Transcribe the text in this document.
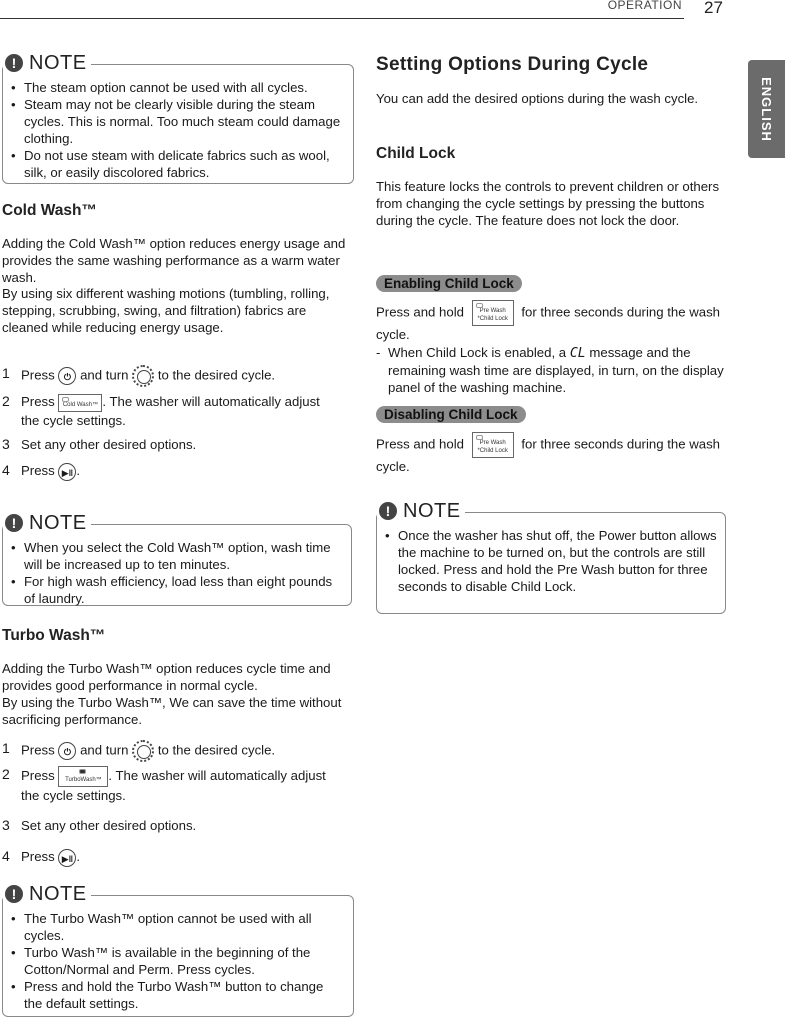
OPERATION 27
ENGLISH
! NOTE
• The steam option cannot be used with all cycles.
• Steam may not be clearly visible during the steam cycles. This is normal. Too much steam could damage clothing.
• Do not use steam with delicate fabrics such as wool, silk, or easily discolored fabrics.
Cold Wash™
Adding the Cold Wash™ option reduces energy usage and provides the same washing performance as a warm water wash.
By using six different washing motions (tumbling, rolling, stepping, scrubbing, swing, and filtration) fabrics are cleaned while reducing energy usage.
1 Press ⏻ and turn to the desired cycle.
2 Press Cold Wash™ . The washer will automatically adjust the cycle settings.
3 Set any other desired options.
4 Press ▶‖ .
! NOTE
• When you select the Cold Wash™ option, wash time will be increased up to ten minutes.
• For high wash efficiency, load less than eight pounds of laundry.
Turbo Wash™
Adding the Turbo Wash™ option reduces cycle time and provides good performance in normal cycle.
By using the Turbo Wash™, We can save the time without sacrificing performance.
1 Press ⏻ and turn to the desired cycle.
2 Press TurboWash™ . The washer will automatically adjust the cycle settings.
3 Set any other desired options.
4 Press ▶‖ .
! NOTE
• The Turbo Wash™ option cannot be used with all cycles.
• Turbo Wash™ is available in the beginning of the Cotton/Normal and Perm. Press cycles.
• Press and hold the Turbo Wash™ button to change the default settings.
Setting Options During Cycle
You can add the desired options during the wash cycle.
Child Lock
This feature locks the controls to prevent children or others from changing the cycle settings by pressing the buttons during the cycle. The feature does not lock the door.
Enabling Child Lock
Press and hold	Pre Wash
*Child Lock for three seconds during the wash cycle.
- When Child Lock is enabled, a CL message and the remaining wash time are displayed, in turn, on the display panel of the washing machine.
Disabling Child Lock
Press and hold	Pre Wash
*Child Lock for three seconds during the wash cycle.
! NOTE
• Once the washer has shut off, the Power button allows the machine to be turned on, but the controls are still locked. Press and hold the Pre Wash button for three seconds to disable Child Lock.
